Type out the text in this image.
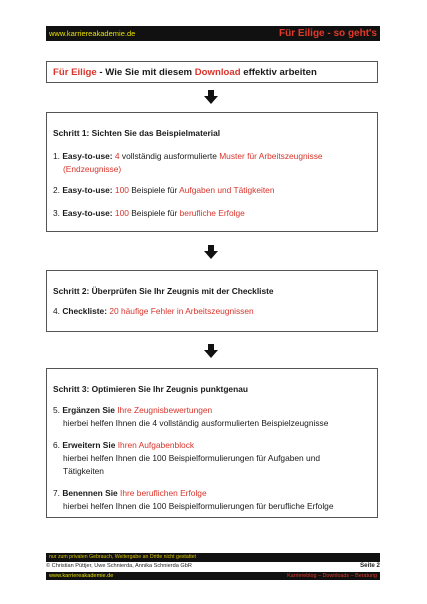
www.karriereakademie.de	Für Eilige - so geht's
Für Eilige - Wie Sie mit diesem Download effektiv arbeiten
Schritt 1: Sichten Sie das Beispielmaterial
1. Easy-to-use: 4 vollständig ausformulierte Muster für Arbeitszeugnisse
(Endzeugnisse)
2. Easy-to-use: 100 Beispiele für Aufgaben und Tätigkeiten
3. Easy-to-use: 100 Beispiele für berufliche Erfolge
Schritt 2: Überprüfen Sie Ihr Zeugnis mit der Checkliste
4. Checkliste: 20 häufige Fehler in Arbeitszeugnissen
Schritt 3: Optimieren Sie Ihr Zeugnis punktgenau
5. Ergänzen Sie Ihre Zeugnisbewertungen
hierbei helfen Ihnen die 4 vollständig ausformulierten Beispielzeugnisse
6. Erweitern Sie Ihren Aufgabenblock
hierbei helfen Ihnen die 100 Beispielformulierungen für Aufgaben und
Tätigkeiten
7. Benennen Sie Ihre beruflichen Erfolge
hierbei helfen Ihnen die 100 Beispielformulierungen für berufliche Erfolge
nur zum privaten Gebrauch, Weitergabe an Dritte nicht gestattet
© Christian Püttjer, Uwe Schnierda, Annika Schnierda GbR	Seite 2
www.karriereakademie.de	Karriereblog – Downloads – Beratung
